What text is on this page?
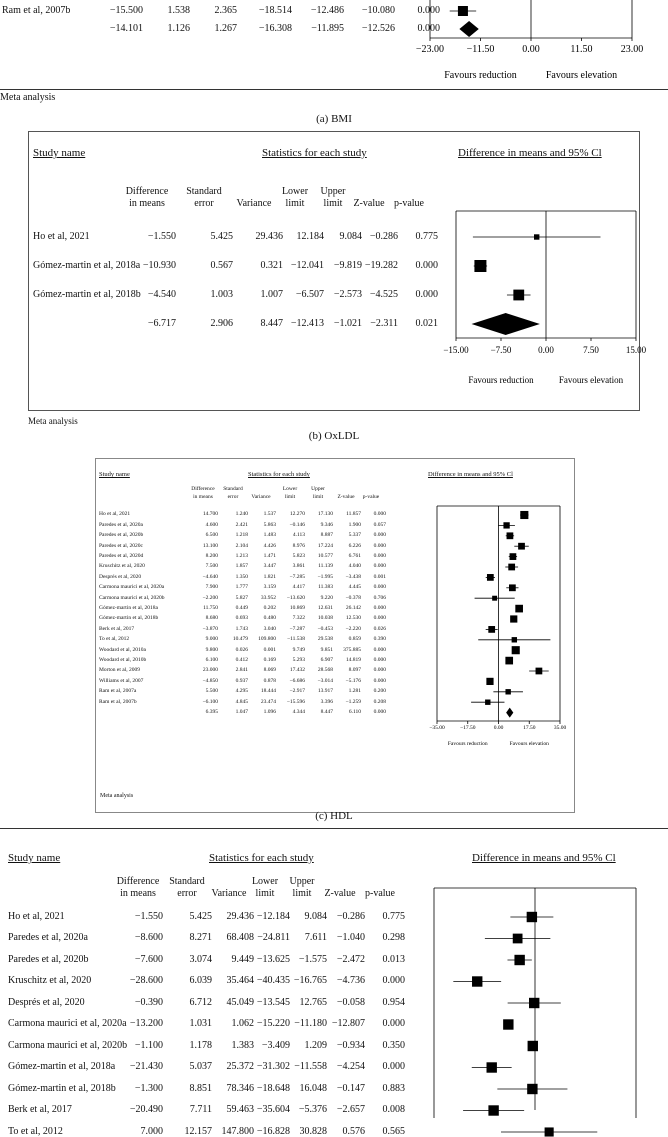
Ram et al, 2007b	−15.500	1.538	2.365	−18.514	−12.486	−10.080	0.000
−14.101	1.126	1.267	−16.308	−11.895	−12.526	0.000
−23.00 −11.50	0.00	11.50	23.00
Favours reduction	Favours elevation
Meta analysis
(a) BMI
Study name	Statistics for each study	Difference in means and 95% Cl
Difference
in means
Standard
error	Variance
Lower
limit
Upper
limit	Z-value p-value
Ho et al, 2021	−1.550	5.425	29.436	12.184	9.084 −0.286	0.775
Gómez-martin et al, 2018a −10.930	0.567	0.321 −12.041 −9.819 −19.282	0.000
Gómez-martin et al, 2018b −4.540	1.003	1.007	−6.507 −2.573 −4.525	0.000
−6.717	2.906	8.447 −12.413 −1.021 −2.311	0.021
−15.00 −7.50	0.00	7.50	15.00
Favours reduction	Favours elevation
Meta analysis
(b) OxLDL
Study name	Statistics for each study	Difference in means and 95% Cl
Difference
in means
Standard
error	Variance
Lower
limit
Upper
limit	Z-value	p-value
Ho et al, 2021	14.700	1.240	1.537	12.270	17.130	11.857	0.000
Paredes et al, 2020a	4.600	2.421	5.863	−0.146	9.346	1.900	0.057
Paredes et al, 2020b	6.500	1.218	1.483	4.113	8.887	5.337	0.000
Paredes et al, 2020c	13.100	2.104	4.426	8.976	17.224	6.226	0.000
Paredes et al, 2020d	8.200	1.213	1.471	5.823	10.577	6.761	0.000
Kruschitz et al, 2020	7.500	1.857	3.447	3.861	11.139	4.040	0.000
Després et al, 2020	−4.640	1.350	1.821	−7.285	−1.995	−3.438	0.001
Carmona maurici et al, 2020a	7.900	1.777	3.159	4.417	11.383	4.445	0.000
Carmona maurici et al, 2020b	−2.200	5.827	33.952	−13.620	9.220	−0.378	0.706
Gómez-martin et al, 2018a	11.750	0.449	0.202	10.869	12.631	26.142	0.000
Gómez-martin et al, 2018b	8.680	0.693	0.480	7.322	10.038	12.530	0.000
Berk et al, 2017	−3.870	1.743	3.040	−7.287	−0.453	−2.220	0.026
To et al, 2012	9.000	10.479	109.800	−11.538	29.538	0.859	0.390
Woodard et al, 2010a	9.800	0.026	0.001	9.749	9.851	375.885	0.000
Woodard et al, 2010b	6.100	0.412	0.169	5.293	6.907	14.819	0.000
Morton et al, 2009	23.000	2.841	8.069	17.432	28.568	8.097	0.000
Williams et al, 2007	−4.850	0.937	0.878	−6.686	−3.014	−5.176	0.000
Ram et al, 2007a	5.500	4.295	18.444	−2.917	13.917	1.281	0.200
Ram et al, 2007b	−6.100	4.845	23.474	−15.596	3.396	−1.259	0.208
6.395	1.047	1.096	4.344	8.447	6.110	0.000
−35.00	−17.50	0.00	17.50	35.00
Favours reduction	Favours elevation
Meta analysis
(c) HDL
Study name	Statistics for each study	Difference in means and 95% Cl
Difference
in means
Standard
error	Variance
Lower
limit
Upper
limit	Z-value p-value
Ho et al, 2021	−1.550	5.425	29.436 −12.184	9.084 −0.286	0.775
Paredes et al, 2020a	−8.600	8.271	68.408 −24.811	7.611 −1.040	0.298
Paredes et al, 2020b	−7.600	3.074	9.449 −13.625 −1.575 −2.472	0.013
Kruschitz et al, 2020	−28.600	6.039	35.464 −40.435 −16.765 −4.736	0.000
Després et al, 2020	−0.390	6.712	45.049 −13.545 12.765 −0.058	0.954
Carmona maurici et al, 2020a −13.200	1.031	1.062 −15.220 −11.180 −12.807	0.000
Carmona maurici et al, 2020b −1.100	1.178	1.383 −3.409	1.209 −0.934	0.350
Gómez-martin et al, 2018a	−21.430	5.037	25.372 −31.302 −11.558 −4.254	0.000
Gómez-martin et al, 2018b	−1.300	8.851	78.346 −18.648 16.048 −0.147	0.883
Berk et al, 2017	−20.490	7.711	59.463 −35.604 −5.376 −2.657	0.008
To et al, 2012	7.000	12.157 147.800 −16.828 30.828	0.576	0.565
